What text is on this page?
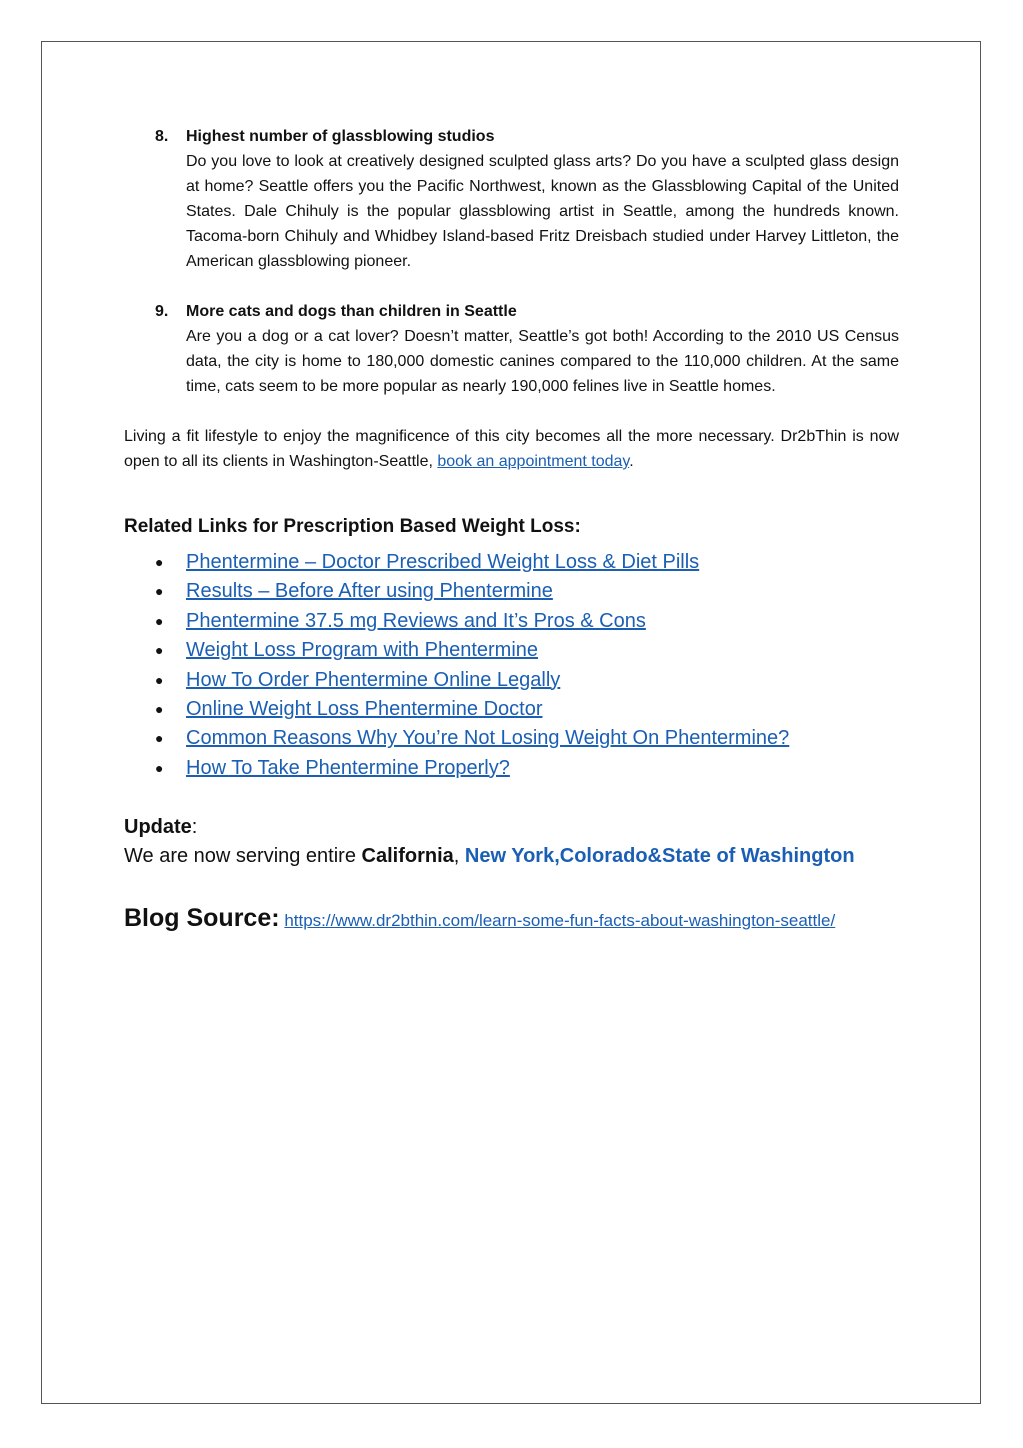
8. Highest number of glassblowing studios
Do you love to look at creatively designed sculpted glass arts? Do you have a sculpted glass design at home? Seattle offers you the Pacific Northwest, known as the Glassblowing Capital of the United States. Dale Chihuly is the popular glassblowing artist in Seattle, among the hundreds known. Tacoma-born Chihuly and Whidbey Island-based Fritz Dreisbach studied under Harvey Littleton, the American glassblowing pioneer.
9. More cats and dogs than children in Seattle
Are you a dog or a cat lover? Doesn’t matter, Seattle’s got both! According to the 2010 US Census data, the city is home to 180,000 domestic canines compared to the 110,000 children. At the same time, cats seem to be more popular as nearly 190,000 felines live in Seattle homes.
Living a fit lifestyle to enjoy the magnificence of this city becomes all the more necessary. Dr2bThin is now open to all its clients in Washington-Seattle, book an appointment today.
Related Links for Prescription Based Weight Loss:
● Phentermine – Doctor Prescribed Weight Loss & Diet Pills
● Results – Before After using Phentermine
● Phentermine 37.5 mg Reviews and It’s Pros & Cons
● Weight Loss Program with Phentermine
● How To Order Phentermine Online Legally
● Online Weight Loss Phentermine Doctor
● Common Reasons Why You’re Not Losing Weight On Phentermine?
● How To Take Phentermine Properly?
Update:
We are now serving entire California, New York,Colorado&State of Washington
Blog Source: https://www.dr2bthin.com/learn-some-fun-facts-about-washington-seattle/
